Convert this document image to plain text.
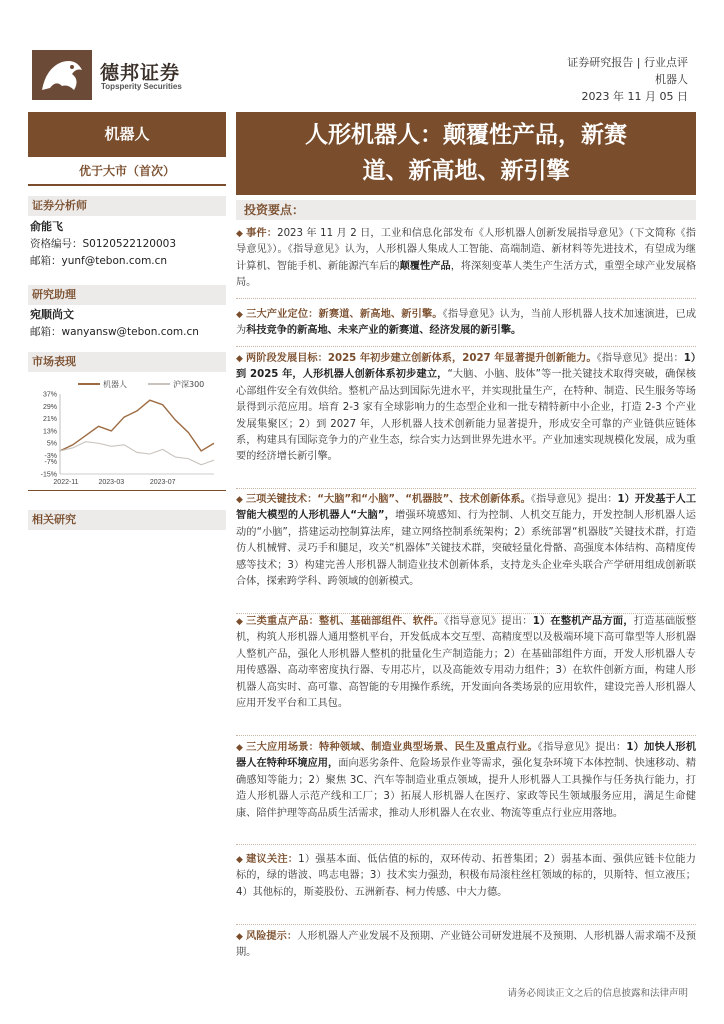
德邦证券
Topsperity Securities
证券研究报告 | 行业点评
机器人
2023 年 11 月 05 日
机器人
优于大市（首次）
人形机器人：颠覆性产品，新赛
道、新高地、新引擎
证券分析师
俞能飞
资格编号：S0120522120003
邮箱：yunf@tebon.com.cn
研究助理
宛顺尚文
邮箱：wanyansw@tebon.com.cn
市场表现
37%
29%
21%
13%
5%
-3%
-7%
-15%
2022-11	2023-03	2023-07
机器人	沪深300
相关研究
投资要点：
◆ 事件：2023 年 11 月 2 日，工业和信息化部发布《人形机器人创新发展指导意见》（下文简称《指导意见》）。《指导意见》认为，人形机器人集成人工智能、高端制造、新材料等先进技术，有望成为继计算机、智能手机、新能源汽车后的颠覆性产品，将深刻变革人类生产生活方式，重塑全球产业发展格局。
◆ 三大产业定位：新赛道、新高地、新引擎。《指导意见》认为，当前人形机器人技术加速演进，已成为科技竞争的新高地、未来产业的新赛道、经济发展的新引擎。
◆ 两阶段发展目标：2025 年初步建立创新体系，2027 年显著提升创新能力。《指导意见》提出：1）到 2025 年，人形机器人创新体系初步建立，“大脑、小脑、肢体”等一批关键技术取得突破，确保核心部组件安全有效供给。整机产品达到国际先进水平，并实现批量生产，在特种、制造、民生服务等场景得到示范应用。培育 2-3 家有全球影响力的生态型企业和一批专精特新中小企业，打造 2-3 个产业发展集聚区；2）到 2027 年，人形机器人技术创新能力显著提升，形成安全可靠的产业链供应链体系，构建具有国际竞争力的产业生态，综合实力达到世界先进水平。产业加速实现规模化发展，成为重要的经济增长新引擎。
◆ 三项关键技术：“大脑”和“小脑”、“机器肢”、技术创新体系。《指导意见》提出：1）开发基于人工智能大模型的人形机器人“大脑”，增强环境感知、行为控制、人机交互能力，开发控制人形机器人运动的“小脑”，搭建运动控制算法库，建立网络控制系统架构；2）系统部署“机器肢”关键技术群，打造仿人机械臂、灵巧手和腿足，攻关“机器体”关键技术群，突破轻量化骨骼、高强度本体结构、高精度传感等技术；3）构建完善人形机器人制造业技术创新体系，支持龙头企业牵头联合产学研用组成创新联合体，探索跨学科、跨领域的创新模式。
◆ 三类重点产品：整机、基础部组件、软件。《指导意见》提出：1）在整机产品方面，打造基础版整机，构筑人形机器人通用整机平台，开发低成本交互型、高精度型以及极端环境下高可靠型等人形机器人整机产品，强化人形机器人整机的批量化生产制造能力；2）在基础部组件方面，开发人形机器人专用传感器、高动率密度执行器、专用芯片，以及高能效专用动力组件；3）在软件创新方面，构建人形机器人高实时、高可靠、高智能的专用操作系统，开发面向各类场景的应用软件，建设完善人形机器人应用开发平台和工具包。
◆ 三大应用场景：特种领域、制造业典型场景、民生及重点行业。《指导意见》提出：1）加快人形机器人在特种环境应用，面向恶劣条件、危险场景作业等需求，强化复杂环境下本体控制、快速移动、精确感知等能力；2）聚焦 3C、汽车等制造业重点领域，提升人形机器人工具操作与任务执行能力，打造人形机器人示范产线和工厂；3）拓展人形机器人在医疗、家政等民生领域服务应用，满足生命健康、陪伴护理等高品质生活需求，推动人形机器人在农业、物流等重点行业应用落地。
◆ 建议关注：1）强基本面、低估值的标的，双环传动、拓普集团；2）弱基本面、强供应链卡位能力标的，绿的谐波、鸣志电器；3）技术实力强劲，积极布局滚柱丝杠领域的标的，贝斯特、恒立液压；4）其他标的，斯菱股份、五洲新春、柯力传感、中大力德。
◆ 风险提示：人形机器人产业发展不及预期、产业链公司研发进展不及预期、人形机器人需求端不及预期。
请务必阅读正文之后的信息披露和法律声明
